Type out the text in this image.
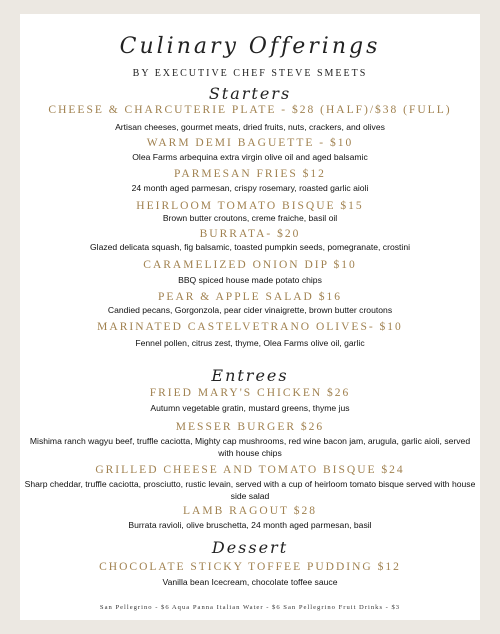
Culinary Offerings
BY EXECUTIVE CHEF STEVE SMEETS
Starters
CHEESE & CHARCUTERIE PLATE - $28 (HALF)/$38 (FULL)
Artisan cheeses, gourmet meats, dried fruits, nuts, crackers, and olives
WARM DEMI BAGUETTE - $10
Olea Farms arbequina extra virgin olive oil and aged balsamic
PARMESAN FRIES $12
24 month aged parmesan, crispy rosemary, roasted garlic aioli
HEIRLOOM TOMATO BISQUE $15
Brown butter croutons, creme fraiche, basil oil
BURRATA- $20
Glazed delicata squash, fig balsamic, toasted pumpkin seeds, pomegranate, crostini
CARAMELIZED ONION DIP $10
BBQ spiced house made potato chips
PEAR & APPLE SALAD $16
Candied pecans, Gorgonzola, pear cider vinaigrette, brown butter croutons
MARINATED CASTELVETRANO OLIVES- $10
Fennel pollen, citrus zest, thyme, Olea Farms olive oil, garlic
Entrees
FRIED MARY'S CHICKEN $26
Autumn vegetable gratin, mustard greens, thyme jus
MESSER BURGER $26
Mishima ranch wagyu beef, truffle caciotta, Mighty cap mushrooms, red wine bacon jam, arugula, garlic aioli, served with house chips
GRILLED CHEESE AND TOMATO BISQUE $24
Sharp cheddar, truffle caciotta, prosciutto, rustic levain, served with a cup of heirloom tomato bisque served with house side salad
LAMB RAGOUT $28
Burrata ravioli, olive bruschetta, 24 month aged parmesan, basil
Dessert
CHOCOLATE STICKY TOFFEE PUDDING $12
Vanilla bean Icecream, chocolate toffee sauce
San Pellegrino - $6 Aqua Panna Italian Water - $6 San Pellegrino Fruit Drinks - $3
